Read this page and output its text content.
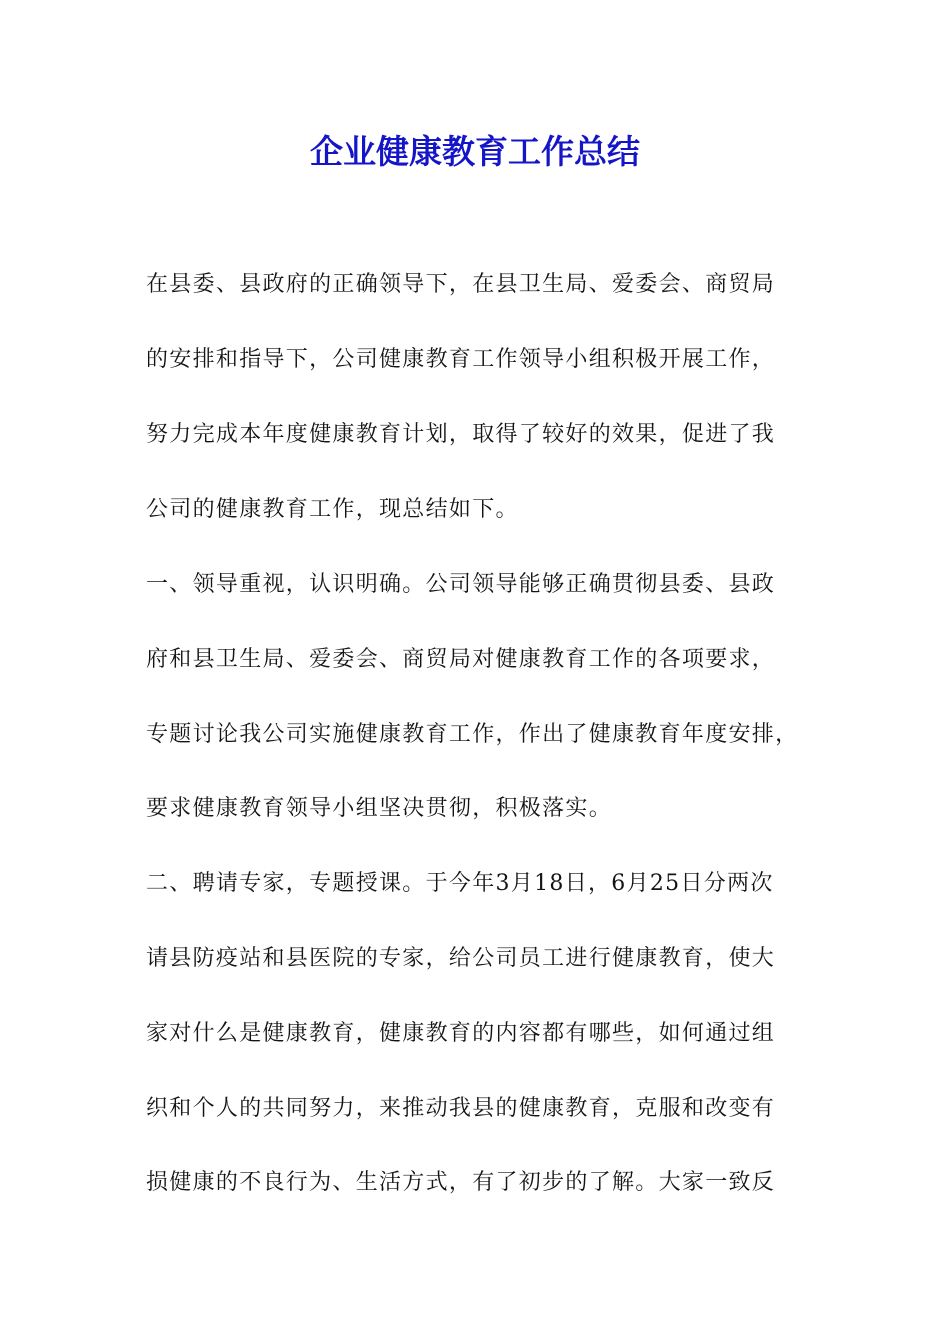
企业健康教育工作总结
在县委、县政府的正确领导下，在县卫生局、爱委会、商贸局
的安排和指导下，公司健康教育工作领导小组积极开展工作，
努力完成本年度健康教育计划，取得了较好的效果，促进了我
公司的健康教育工作，现总结如下。
一、领导重视，认识明确。公司领导能够正确贯彻县委、县政
府和县卫生局、爱委会、商贸局对健康教育工作的各项要求，
专题讨论我公司实施健康教育工作，作出了健康教育年度安排，
要求健康教育领导小组坚决贯彻，积极落实。
二、聘请专家，专题授课。于今年3月18日，6月25日分两次
请县防疫站和县医院的专家，给公司员工进行健康教育，使大
家对什么是健康教育，健康教育的内容都有哪些，如何通过组
织和个人的共同努力，来推动我县的健康教育，克服和改变有
损健康的不良行为、生活方式，有了初步的了解。大家一致反
